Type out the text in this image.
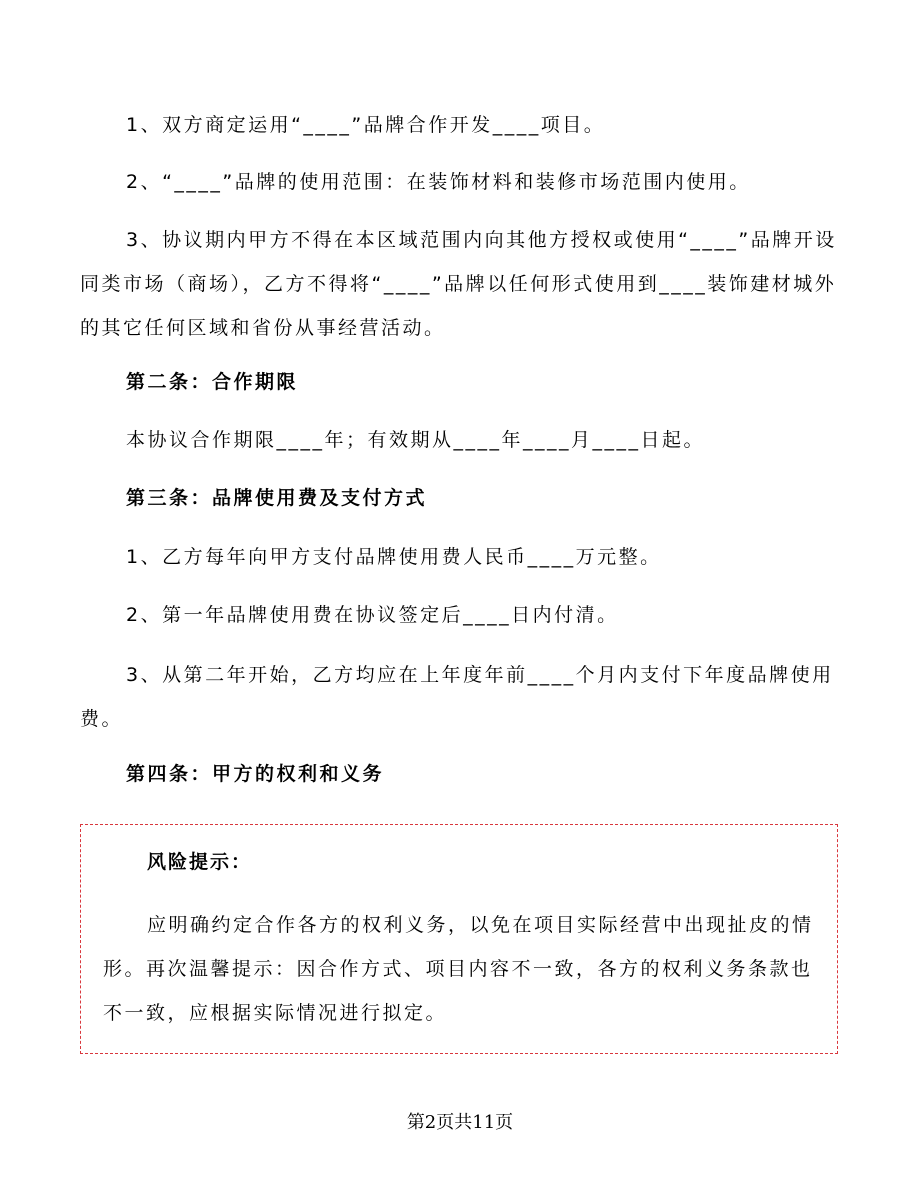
1、双方商定运用“____”品牌合作开发____项目。

2、“____”品牌的使用范围：在装饰材料和装修市场范围内使用。

3、协议期内甲方不得在本区域范围内向其他方授权或使用“____”品牌开设同类市场（商场），乙方不得将“____”品牌以任何形式使用到____装饰建材城外的其它任何区域和省份从事经营活动。

第二条：合作期限

本协议合作期限____年；有效期从____年____月____日起。

第三条：品牌使用费及支付方式

1、乙方每年向甲方支付品牌使用费人民币____万元整。

2、第一年品牌使用费在协议签定后____日内付清。

3、从第二年开始，乙方均应在上年度年前____个月内支付下年度品牌使用费。

第四条：甲方的权利和义务

风险提示：

应明确约定合作各方的权利义务，以免在项目实际经营中出现扯皮的情形。再次温馨提示：因合作方式、项目内容不一致，各方的权利义务条款也不一致，应根据实际情况进行拟定。

第2页共11页
